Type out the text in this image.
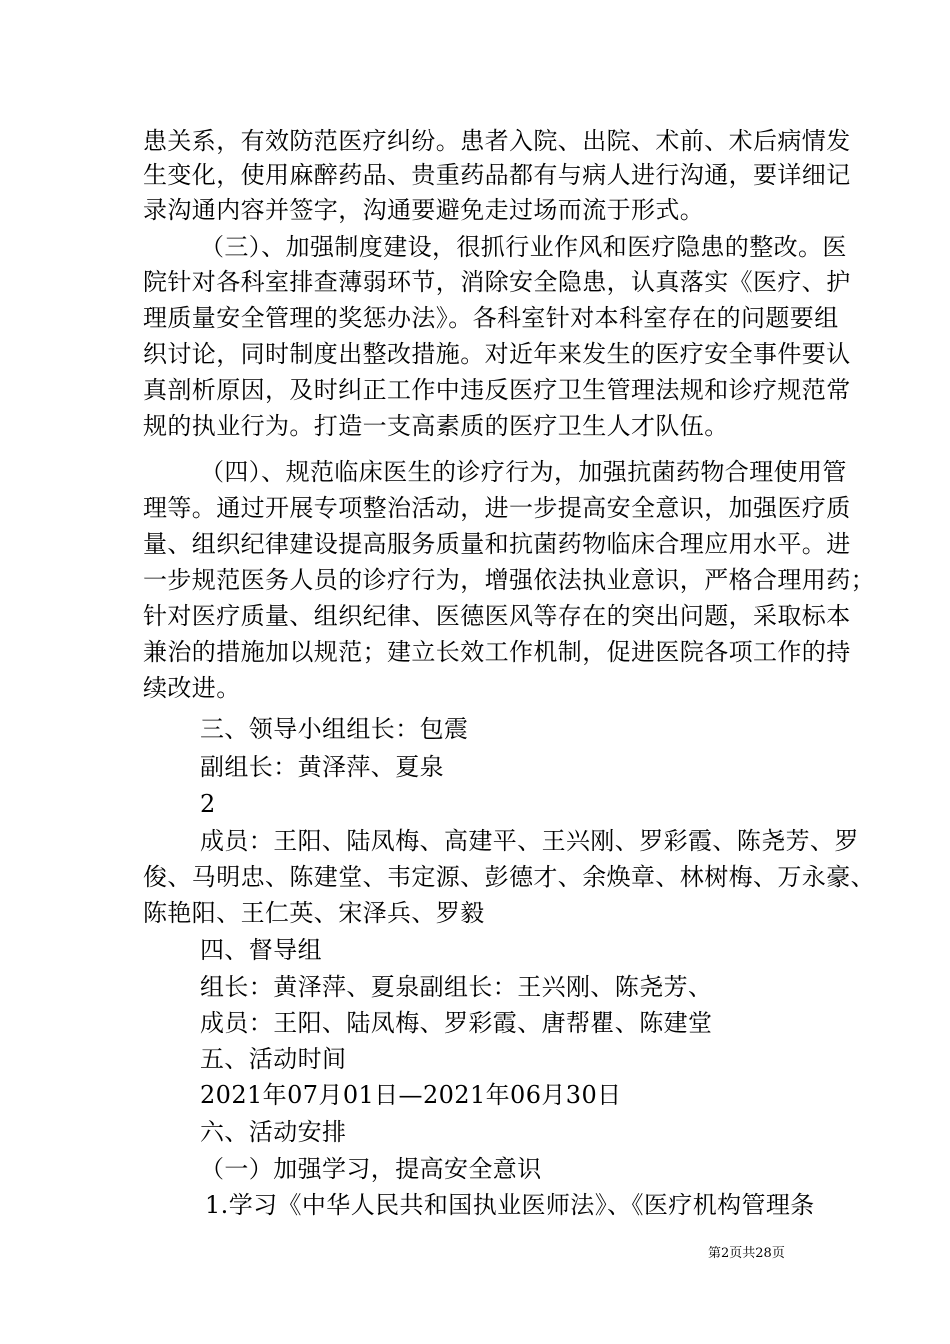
患关系，有效防范医疗纠纷。患者入院、出院、术前、术后病情发
生变化，使用麻醉药品、贵重药品都有与病人进行沟通，要详细记
录沟通内容并签字，沟通要避免走过场而流于形式。
（三）、加强制度建设，很抓行业作风和医疗隐患的整改。医
院针对各科室排查薄弱环节，消除安全隐患，认真落实《医疗、护
理质量安全管理的奖惩办法》。各科室针对本科室存在的问题要组
织讨论，同时制度出整改措施。对近年来发生的医疗安全事件要认
真剖析原因，及时纠正工作中违反医疗卫生管理法规和诊疗规范常
规的执业行为。打造一支高素质的医疗卫生人才队伍。
（四）、规范临床医生的诊疗行为，加强抗菌药物合理使用管
理等。通过开展专项整治活动，进一步提高安全意识，加强医疗质
量、组织纪律建设提高服务质量和抗菌药物临床合理应用水平。进
一步规范医务人员的诊疗行为，增强依法执业意识，严格合理用药；
针对医疗质量、组织纪律、医德医风等存在的突出问题，采取标本
兼治的措施加以规范；建立长效工作机制，促进医院各项工作的持
续改进。
三、领导小组组长：包震
副组长：黄泽萍、夏泉
2
成员：王阳、陆凤梅、高建平、王兴刚、罗彩霞、陈尧芳、罗
俊、马明忠、陈建堂、韦定源、彭德才、余焕章、林树梅、万永豪、
陈艳阳、王仁英、宋泽兵、罗毅
四、督导组
组长：黄泽萍、夏泉副组长：王兴刚、陈尧芳、
成员：王阳、陆凤梅、罗彩霞、唐帮瞿、陈建堂
五、活动时间
2021年07月01日—2021年06月30日
六、活动安排
（一）加强学习，提高安全意识
1.学习《中华人民共和国执业医师法》、《医疗机构管理条
第2页共28页
